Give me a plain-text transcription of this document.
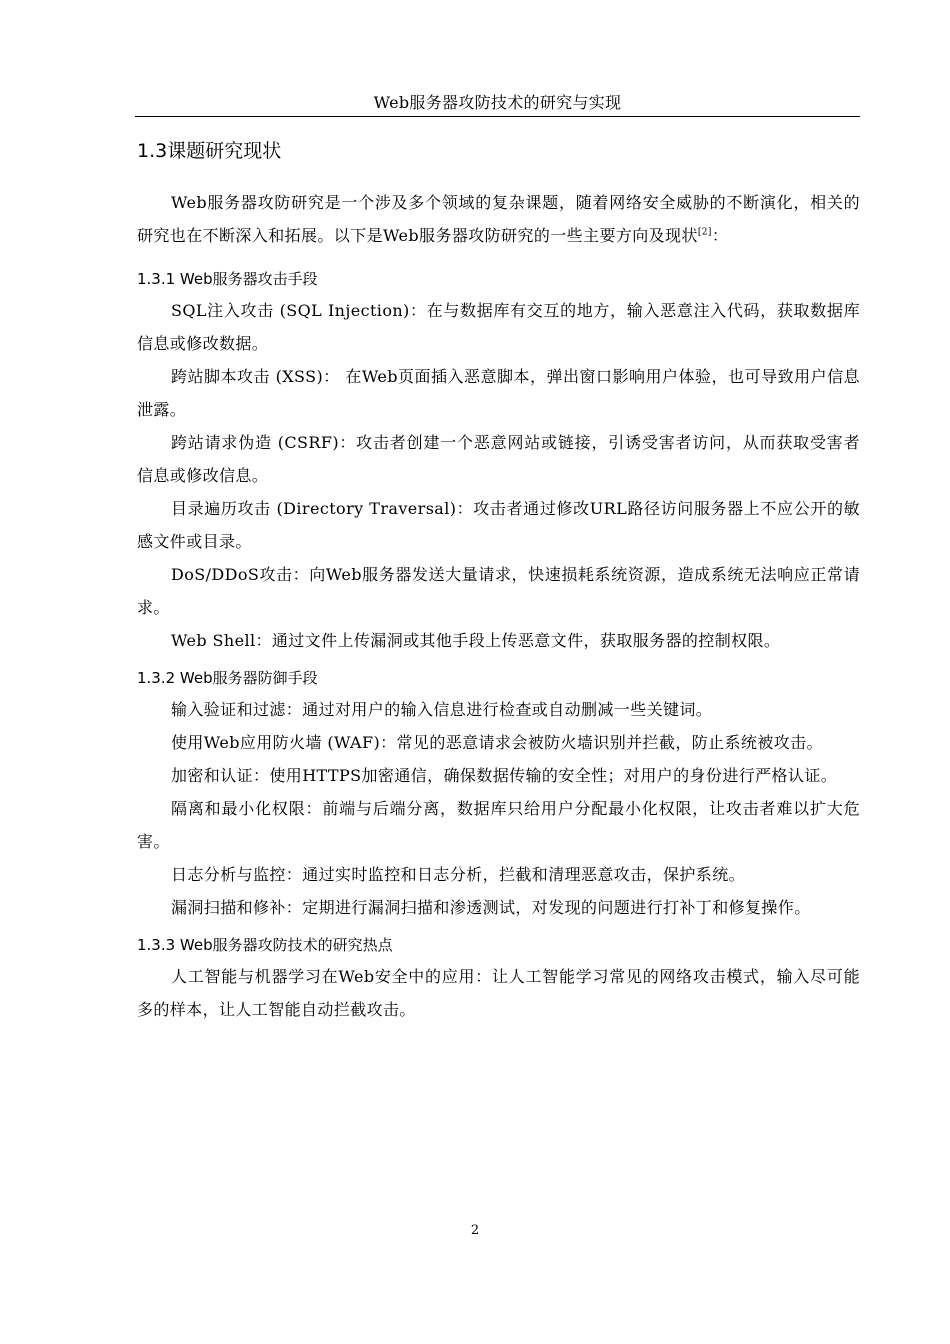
Web服务器攻防技术的研究与实现
1.3课题研究现状

Web服务器攻防研究是一个涉及多个领域的复杂课题，随着网络安全威胁的不断演化，相关的研究也在不断深入和拓展。以下是Web服务器攻防研究的一些主要方向及现状[2]：

1.3.1 Web服务器攻击手段

SQL注入攻击 (SQL Injection)：在与数据库有交互的地方，输入恶意注入代码，获取数据库信息或修改数据。

跨站脚本攻击 (XSS)： 在Web页面插入恶意脚本，弹出窗口影响用户体验，也可导致用户信息泄露。

跨站请求伪造 (CSRF)：攻击者创建一个恶意网站或链接，引诱受害者访问，从而获取受害者信息或修改信息。

目录遍历攻击 (Directory Traversal)：攻击者通过修改URL路径访问服务器上不应公开的敏感文件或目录。

DoS/DDoS攻击：向Web服务器发送大量请求，快速损耗系统资源，造成系统无法响应正常请求。

Web Shell：通过文件上传漏洞或其他手段上传恶意文件，获取服务器的控制权限。

1.3.2 Web服务器防御手段

输入验证和过滤：通过对用户的输入信息进行检查或自动删减一些关键词。

使用Web应用防火墙 (WAF)：常见的恶意请求会被防火墙识别并拦截，防止系统被攻击。

加密和认证：使用HTTPS加密通信，确保数据传输的安全性；对用户的身份进行严格认证。

隔离和最小化权限：前端与后端分离，数据库只给用户分配最小化权限，让攻击者难以扩大危害。

日志分析与监控：通过实时监控和日志分析，拦截和清理恶意攻击，保护系统。

漏洞扫描和修补：定期进行漏洞扫描和渗透测试，对发现的问题进行打补丁和修复操作。

1.3.3 Web服务器攻防技术的研究热点

人工智能与机器学习在Web安全中的应用：让人工智能学习常见的网络攻击模式，输入尽可能多的样本，让人工智能自动拦截攻击。

2
